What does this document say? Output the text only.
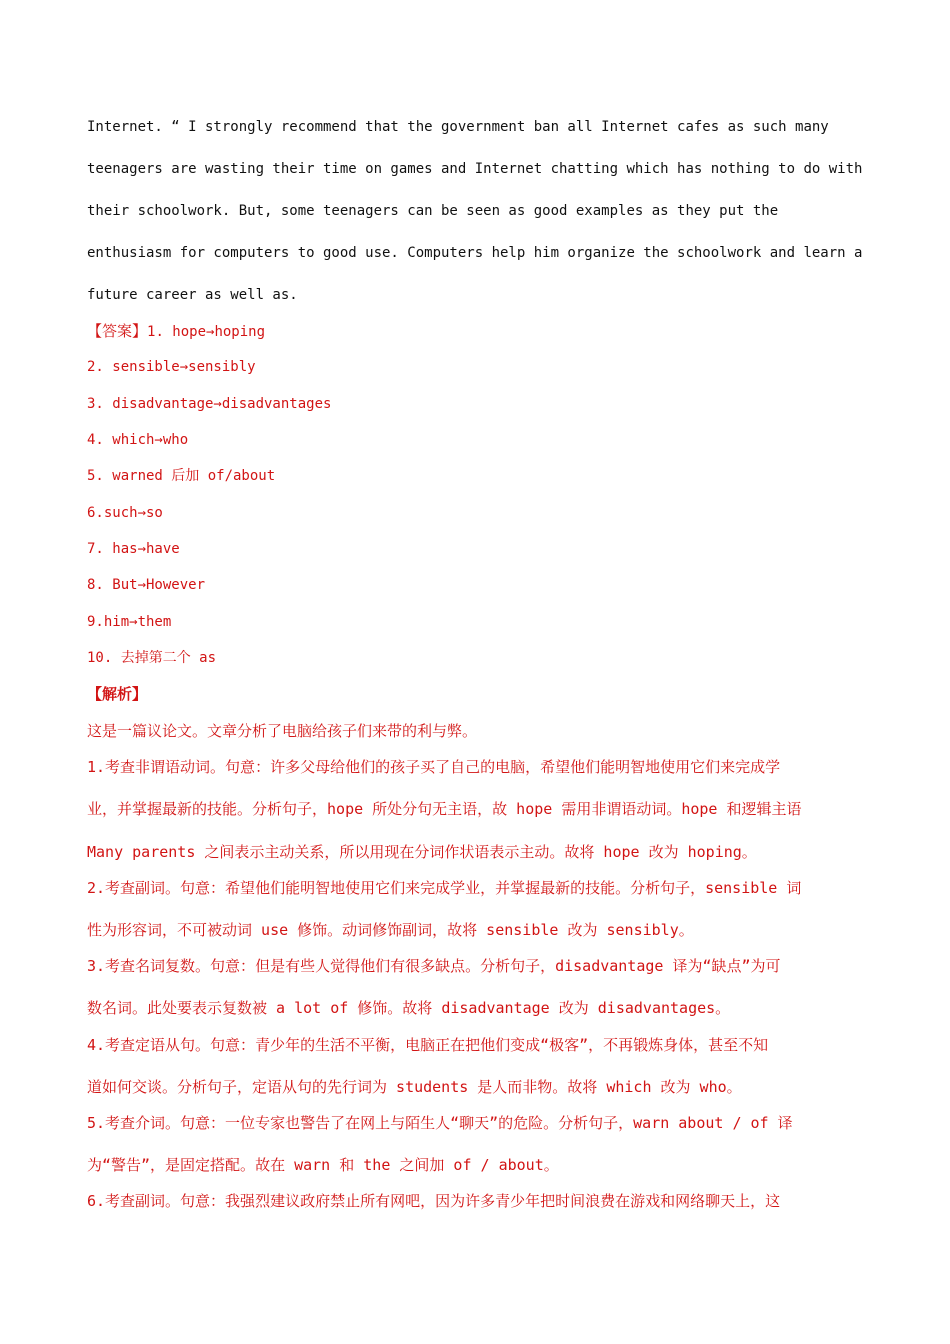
Internet. “ I strongly recommend that the government ban all Internet cafes as such many
teenagers are wasting their time on games and Internet chatting which has nothing to do with
their schoolwork. But, some teenagers can be seen as good examples as they put the
enthusiasm for computers to good use. Computers help him organize the schoolwork and learn a
future career as well as.
【答案】1. hope→hoping
2. sensible→sensibly
3. disadvantage→disadvantages
4. which→who
5. warned 后加 of/about
6.such→so
7. has→have
8. But→However
9.him→them
10. 去掉第二个 as
【解析】
这是一篇议论文。文章分析了电脑给孩子们来带的利与弊。
1.考查非谓语动词。句意：许多父母给他们的孩子买了自己的电脑，希望他们能明智地使用它们来完成学
业，并掌握最新的技能。分析句子，hope 所处分句无主语，故 hope 需用非谓语动词。hope 和逻辑主语
Many parents 之间表示主动关系，所以用现在分词作状语表示主动。故将 hope 改为 hoping。
2.考查副词。句意：希望他们能明智地使用它们来完成学业，并掌握最新的技能。分析句子，sensible 词
性为形容词，不可被动词 use 修饰。动词修饰副词，故将 sensible 改为 sensibly。
3.考查名词复数。句意：但是有些人觉得他们有很多缺点。分析句子，disadvantage 译为“缺点”为可
数名词。此处要表示复数被 a lot of 修饰。故将 disadvantage 改为 disadvantages。
4.考查定语从句。句意：青少年的生活不平衡，电脑正在把他们变成“极客”，不再锻炼身体，甚至不知
道如何交谈。分析句子，定语从句的先行词为 students 是人而非物。故将 which 改为 who。
5.考查介词。句意：一位专家也警告了在网上与陌生人“聊天”的危险。分析句子，warn about / of 译
为“警告”，是固定搭配。故在 warn 和 the 之间加 of / about。
6.考查副词。句意：我强烈建议政府禁止所有网吧，因为许多青少年把时间浪费在游戏和网络聊天上，这
